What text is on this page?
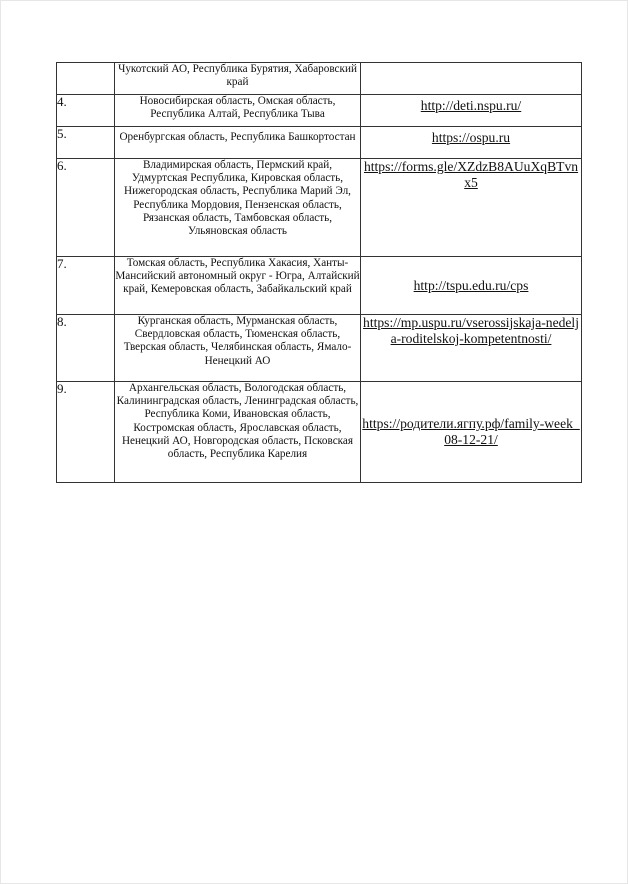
	Чукотский АО, Республика Бурятия, Хабаровский край	
4.	Новосибирская область, Омская область, Республика Алтай, Республика Тыва	http://deti.nspu.ru/
5.	Оренбургская область, Республика Башкортостан	https://ospu.ru
6.	Владимирская область, Пермский край, Удмуртская Республика, Кировская область, Нижегородская область, Республика Марий Эл, Республика Мордовия, Пензенская область, Рязанская область, Тамбовская область, Ульяновская область	https://forms.gle/XZdzB8AUuXqBTvnx5
7.	Томская область, Республика Хакасия, Ханты-Мансийский автономный округ - Югра, Алтайский край, Кемеровская область, Забайкальский край	http://tspu.edu.ru/cps
8.	Курганская область, Мурманская область, Свердловская область, Тюменская область, Тверская область, Челябинская область, Ямало-Ненецкий АО	https://mp.uspu.ru/vserossijskaja-nedelja-roditelskoj-kompetentnosti/
9.	Архангельская область, Вологодская область, Калининградская область, Ленинградская область, Республика Коми, Ивановская область, Костромская область, Ярославская область, Ненецкий АО, Новгородская область, Псковская область, Республика Карелия	https://родители.ягпу.рф/family-week_08-12-21/
